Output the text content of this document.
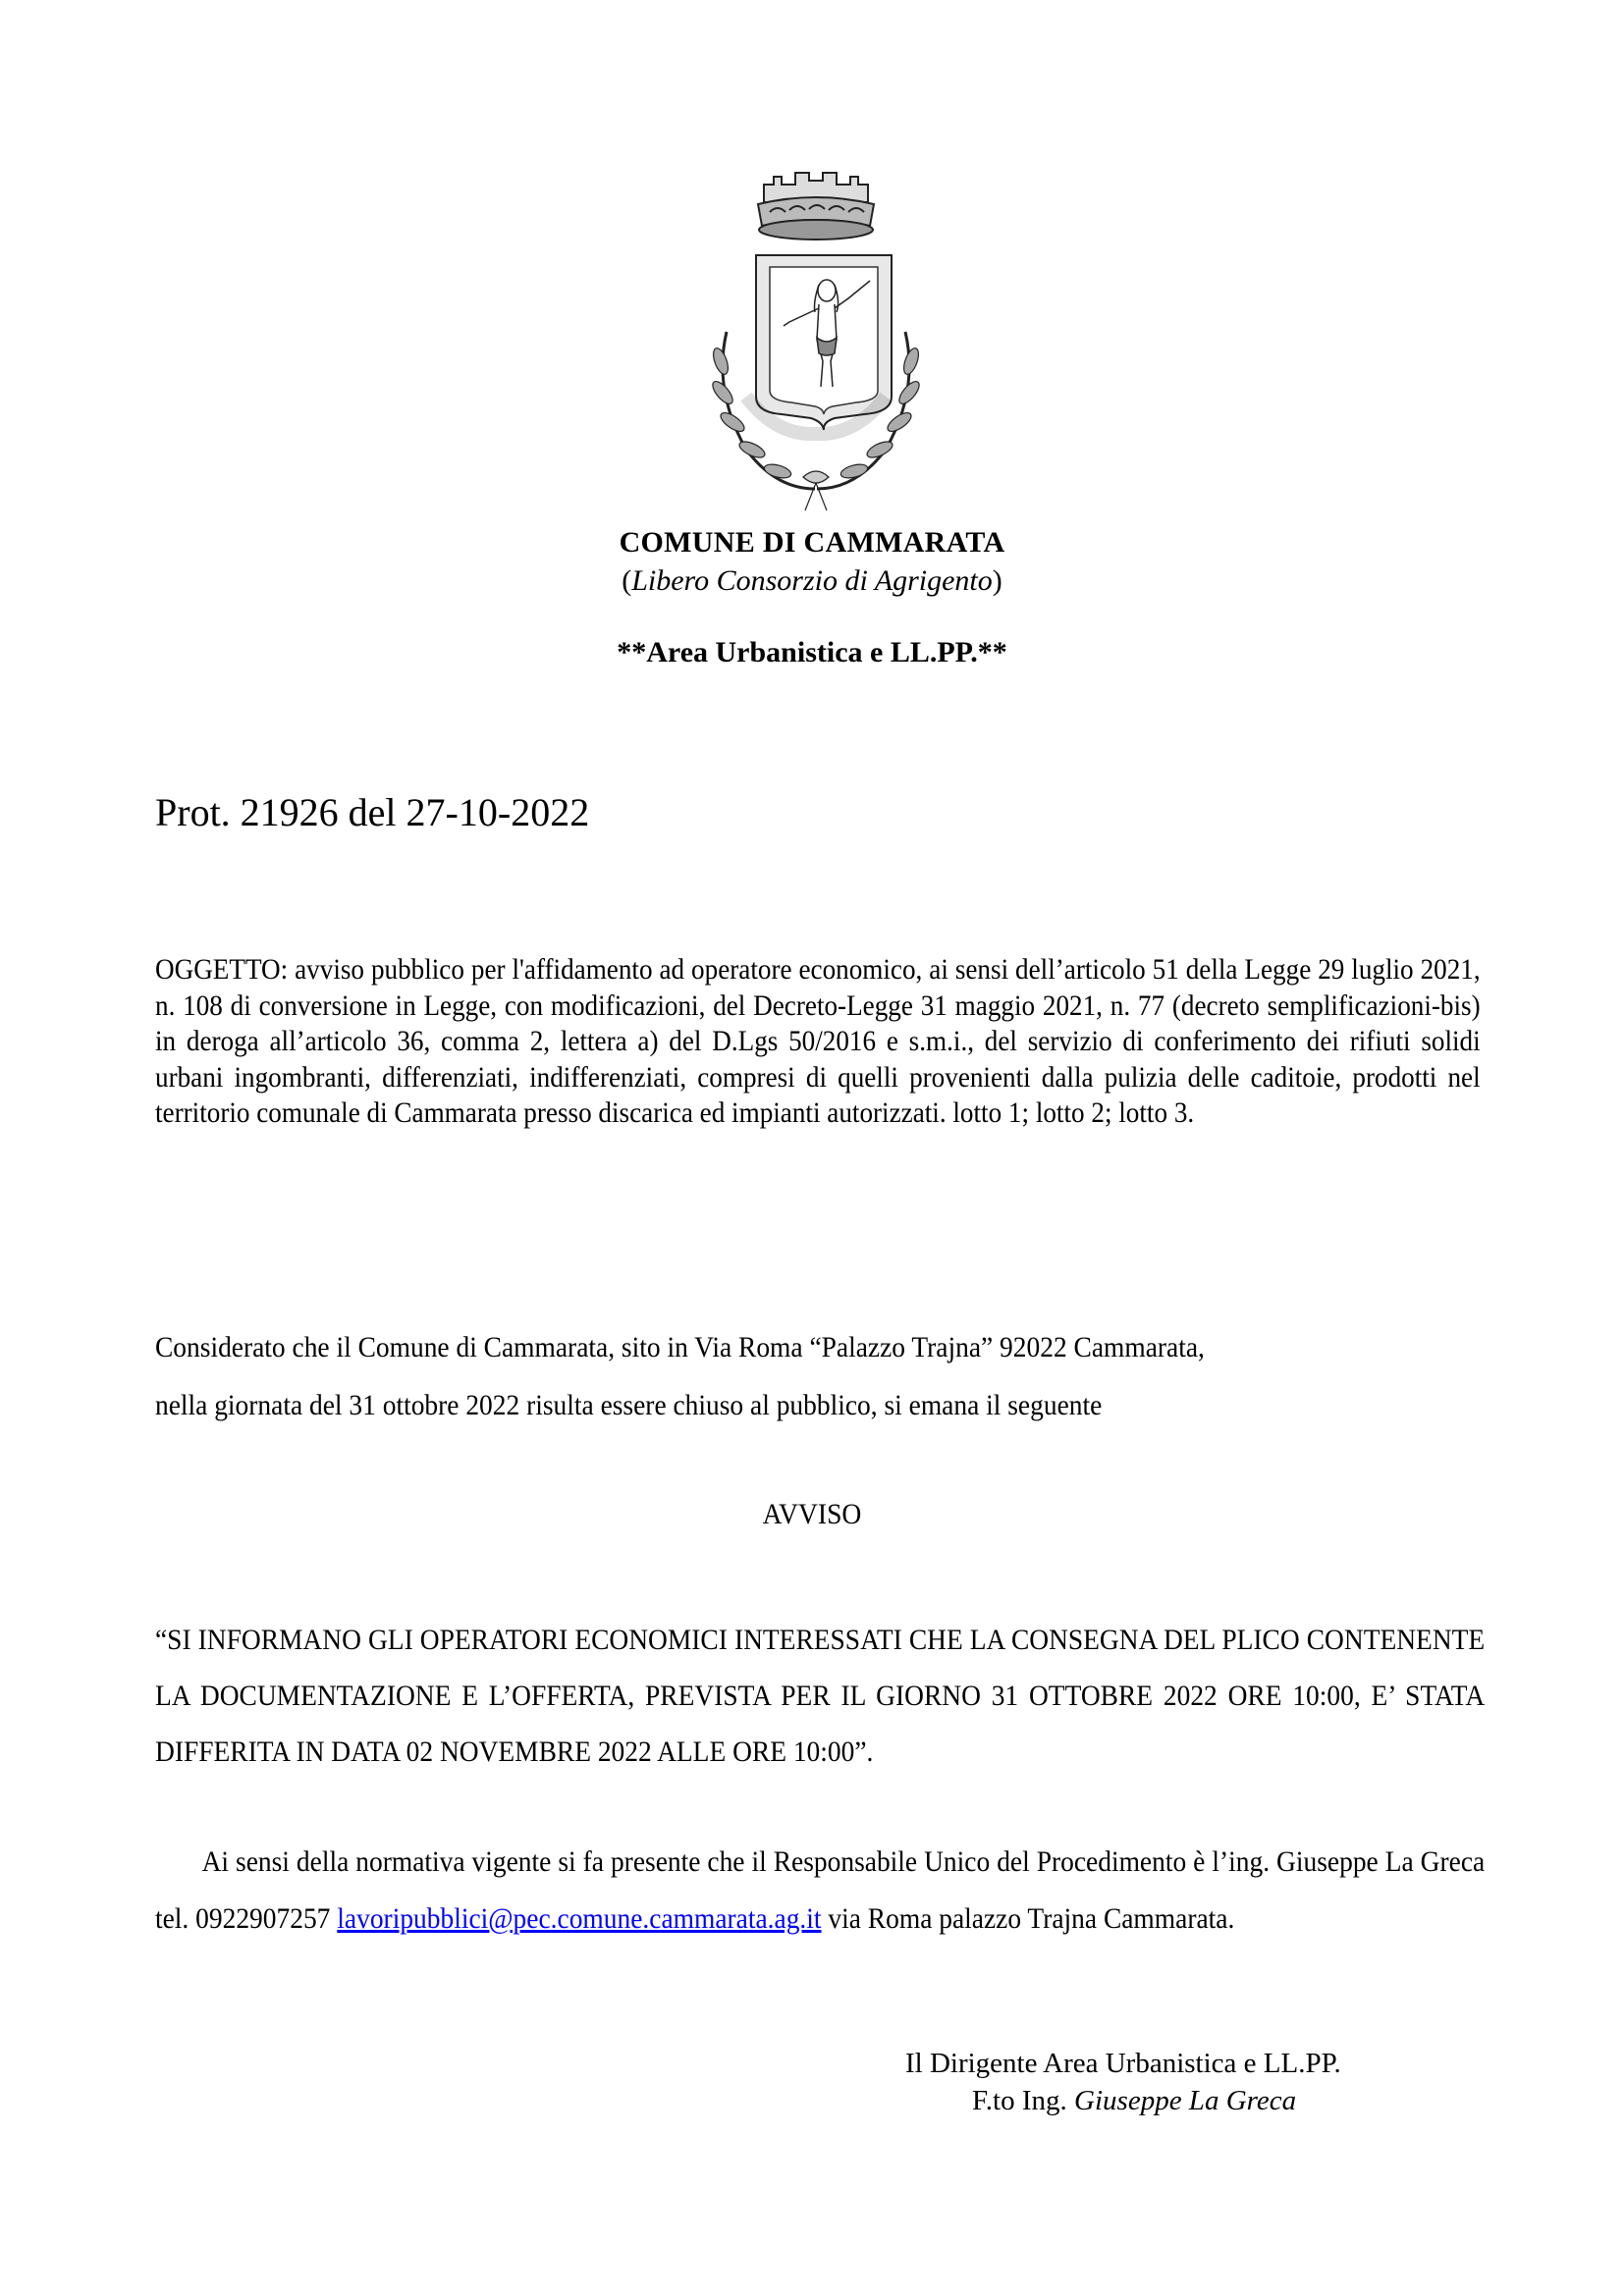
COMUNE DI CAMMARATA
(Libero Consorzio di Agrigento)
**Area Urbanistica e LL.PP.**
Prot. 21926 del 27-10-2022

OGGETTO: avviso pubblico per l'affidamento ad operatore economico, ai sensi dell’articolo 51 della Legge 29 luglio 2021, n. 108 di conversione in Legge, con modificazioni, del Decreto-Legge 31 maggio 2021, n. 77 (decreto semplificazioni-bis) in deroga all’articolo 36, comma 2, lettera a) del D.Lgs 50/2016 e s.m.i., del servizio di conferimento dei rifiuti solidi urbani ingombranti, differenziati, indifferenziati, compresi di quelli provenienti dalla pulizia delle caditoie, prodotti nel territorio comunale di Cammarata presso discarica ed impianti autorizzati. lotto 1; lotto 2; lotto 3.

Considerato che il Comune di Cammarata, sito in Via Roma “Palazzo Trajna” 92022 Cammarata,

nella giornata del 31 ottobre 2022 risulta essere chiuso al pubblico, si emana il seguente

AVVISO

“SI INFORMANO GLI OPERATORI ECONOMICI INTERESSATI CHE LA CONSEGNA DEL PLICO CONTENENTE LA DOCUMENTAZIONE E L’OFFERTA, PREVISTA PER IL GIORNO 31 OTTOBRE 2022 ORE 10:00, E’ STATA DIFFERITA IN DATA 02 NOVEMBRE 2022 ALLE ORE 10:00”.

Ai sensi della normativa vigente si fa presente che il Responsabile Unico del Procedimento è l’ing. Giuseppe La Greca tel. 0922907257 lavoripubblici@pec.comune.cammarata.ag.it via Roma palazzo Trajna Cammarata.

Il Dirigente Area Urbanistica e LL.PP.
F.to Ing. Giuseppe La Greca
